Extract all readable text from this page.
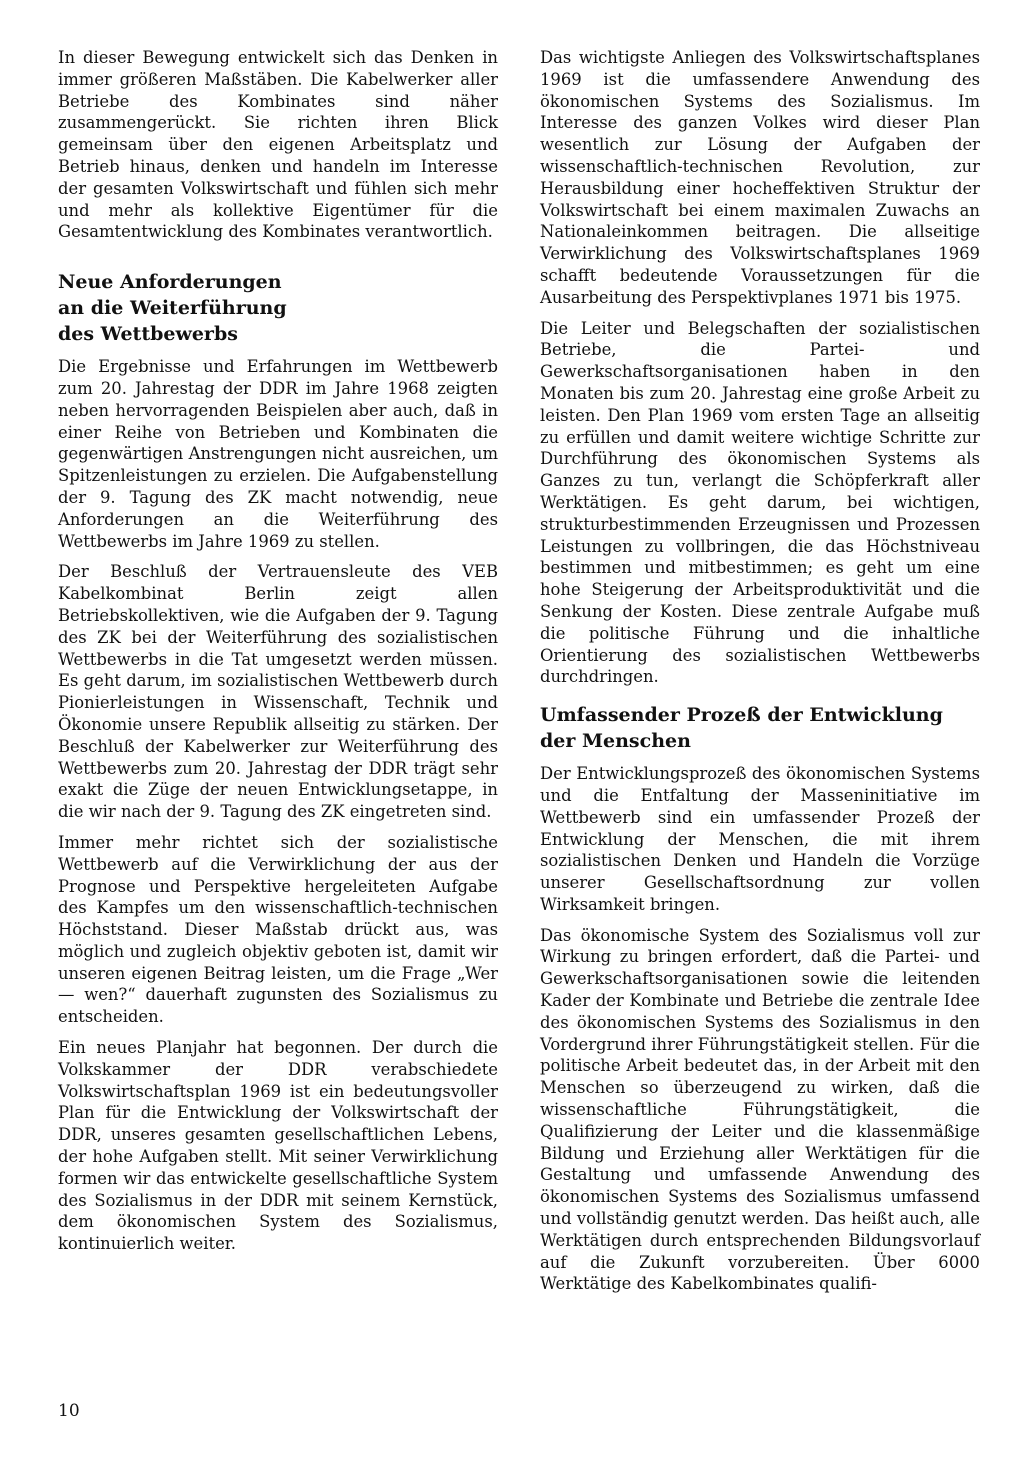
In dieser Bewegung entwickelt sich das Denken in immer größeren Maßstäben. Die Kabelwerker aller Betriebe des Kombinates sind näher zusammengerückt. Sie richten ihren Blick gemeinsam über den eigenen Arbeitsplatz und Betrieb hinaus, denken und handeln im Interesse der gesamten Volkswirtschaft und fühlen sich mehr und mehr als kollektive Eigentümer für die Gesamtentwicklung des Kombinates verantwortlich.

Neue Anforderungen
an die Weiterführung
des Wettbewerbs

Die Ergebnisse und Erfahrungen im Wettbewerb zum 20. Jahrestag der DDR im Jahre 1968 zeigten neben hervorragenden Beispielen aber auch, daß in einer Reihe von Betrieben und Kombinaten die gegenwärtigen Anstrengungen nicht ausreichen, um Spitzenleistungen zu erzielen. Die Aufgabenstellung der 9. Tagung des ZK macht notwendig, neue Anforderungen an die Weiterführung des Wettbewerbs im Jahre 1969 zu stellen.

Der Beschluß der Vertrauensleute des VEB Kabelkombinat Berlin zeigt allen Betriebskollektiven, wie die Aufgaben der 9. Tagung des ZK bei der Weiterführung des sozialistischen Wettbewerbs in die Tat umgesetzt werden müssen. Es geht darum, im sozialistischen Wettbewerb durch Pionierleistungen in Wissenschaft, Technik und Ökonomie unsere Republik allseitig zu stärken. Der Beschluß der Kabelwerker zur Weiterführung des Wettbewerbs zum 20. Jahrestag der DDR trägt sehr exakt die Züge der neuen Entwicklungsetappe, in die wir nach der 9. Tagung des ZK eingetreten sind.

Immer mehr richtet sich der sozialistische Wettbewerb auf die Verwirklichung der aus der Prognose und Perspektive hergeleiteten Aufgabe des Kampfes um den wissenschaftlich-technischen Höchststand. Dieser Maßstab drückt aus, was möglich und zugleich objektiv geboten ist, damit wir unseren eigenen Beitrag leisten, um die Frage „Wer — wen?“ dauerhaft zugunsten des Sozialismus zu entscheiden.

Ein neues Planjahr hat begonnen. Der durch die Volkskammer der DDR verabschiedete Volkswirtschaftsplan 1969 ist ein bedeutungsvoller Plan für die Entwicklung der Volkswirtschaft der DDR, unseres gesamten gesellschaftlichen Lebens, der hohe Aufgaben stellt. Mit seiner Verwirklichung formen wir das entwickelte gesellschaftliche System des Sozialismus in der DDR mit seinem Kernstück, dem ökonomischen System des Sozialismus, kontinuierlich weiter.

Das wichtigste Anliegen des Volkswirtschaftsplanes 1969 ist die umfassendere Anwendung des ökonomischen Systems des Sozialismus. Im Interesse des ganzen Volkes wird dieser Plan wesentlich zur Lösung der Aufgaben der wissenschaftlich-technischen Revolution, zur Herausbildung einer hocheffektiven Struktur der Volkswirtschaft bei einem maximalen Zuwachs an Nationaleinkommen beitragen. Die allseitige Verwirklichung des Volkswirtschaftsplanes 1969 schafft bedeutende Voraussetzungen für die Ausarbeitung des Perspektivplanes 1971 bis 1975.

Die Leiter und Belegschaften der sozialistischen Betriebe, die Partei- und Gewerkschaftsorganisationen haben in den Monaten bis zum 20. Jahrestag eine große Arbeit zu leisten. Den Plan 1969 vom ersten Tage an allseitig zu erfüllen und damit weitere wichtige Schritte zur Durchführung des ökonomischen Systems als Ganzes zu tun, verlangt die Schöpferkraft aller Werktätigen. Es geht darum, bei wichtigen, strukturbestimmenden Erzeugnissen und Prozessen Leistungen zu vollbringen, die das Höchstniveau bestimmen und mitbestimmen; es geht um eine hohe Steigerung der Arbeitsproduktivität und die Senkung der Kosten. Diese zentrale Aufgabe muß die politische Führung und die inhaltliche Orientierung des sozialistischen Wettbewerbs durchdringen.

Umfassender Prozeß der Entwicklung
der Menschen

Der Entwicklungsprozeß des ökonomischen Systems und die Entfaltung der Masseninitiative im Wettbewerb sind ein umfassender Prozeß der Entwicklung der Menschen, die mit ihrem sozialistischen Denken und Handeln die Vorzüge unserer Gesellschaftsordnung zur vollen Wirksamkeit bringen.

Das ökonomische System des Sozialismus voll zur Wirkung zu bringen erfordert, daß die Partei- und Gewerkschaftsorganisationen sowie die leitenden Kader der Kombinate und Betriebe die zentrale Idee des ökonomischen Systems des Sozialismus in den Vordergrund ihrer Führungstätigkeit stellen. Für die politische Arbeit bedeutet das, in der Arbeit mit den Menschen so überzeugend zu wirken, daß die wissenschaftliche Führungstätigkeit, die Qualifizierung der Leiter und die klassenmäßige Bildung und Erziehung aller Werktätigen für die Gestaltung und umfassende Anwendung des ökonomischen Systems des Sozialismus umfassend und vollständig genutzt werden. Das heißt auch, alle Werktätigen durch entsprechenden Bildungsvorlauf auf die Zukunft vorzubereiten. Über 6000 Werktätige des Kabelkombinates qualifi-

10
